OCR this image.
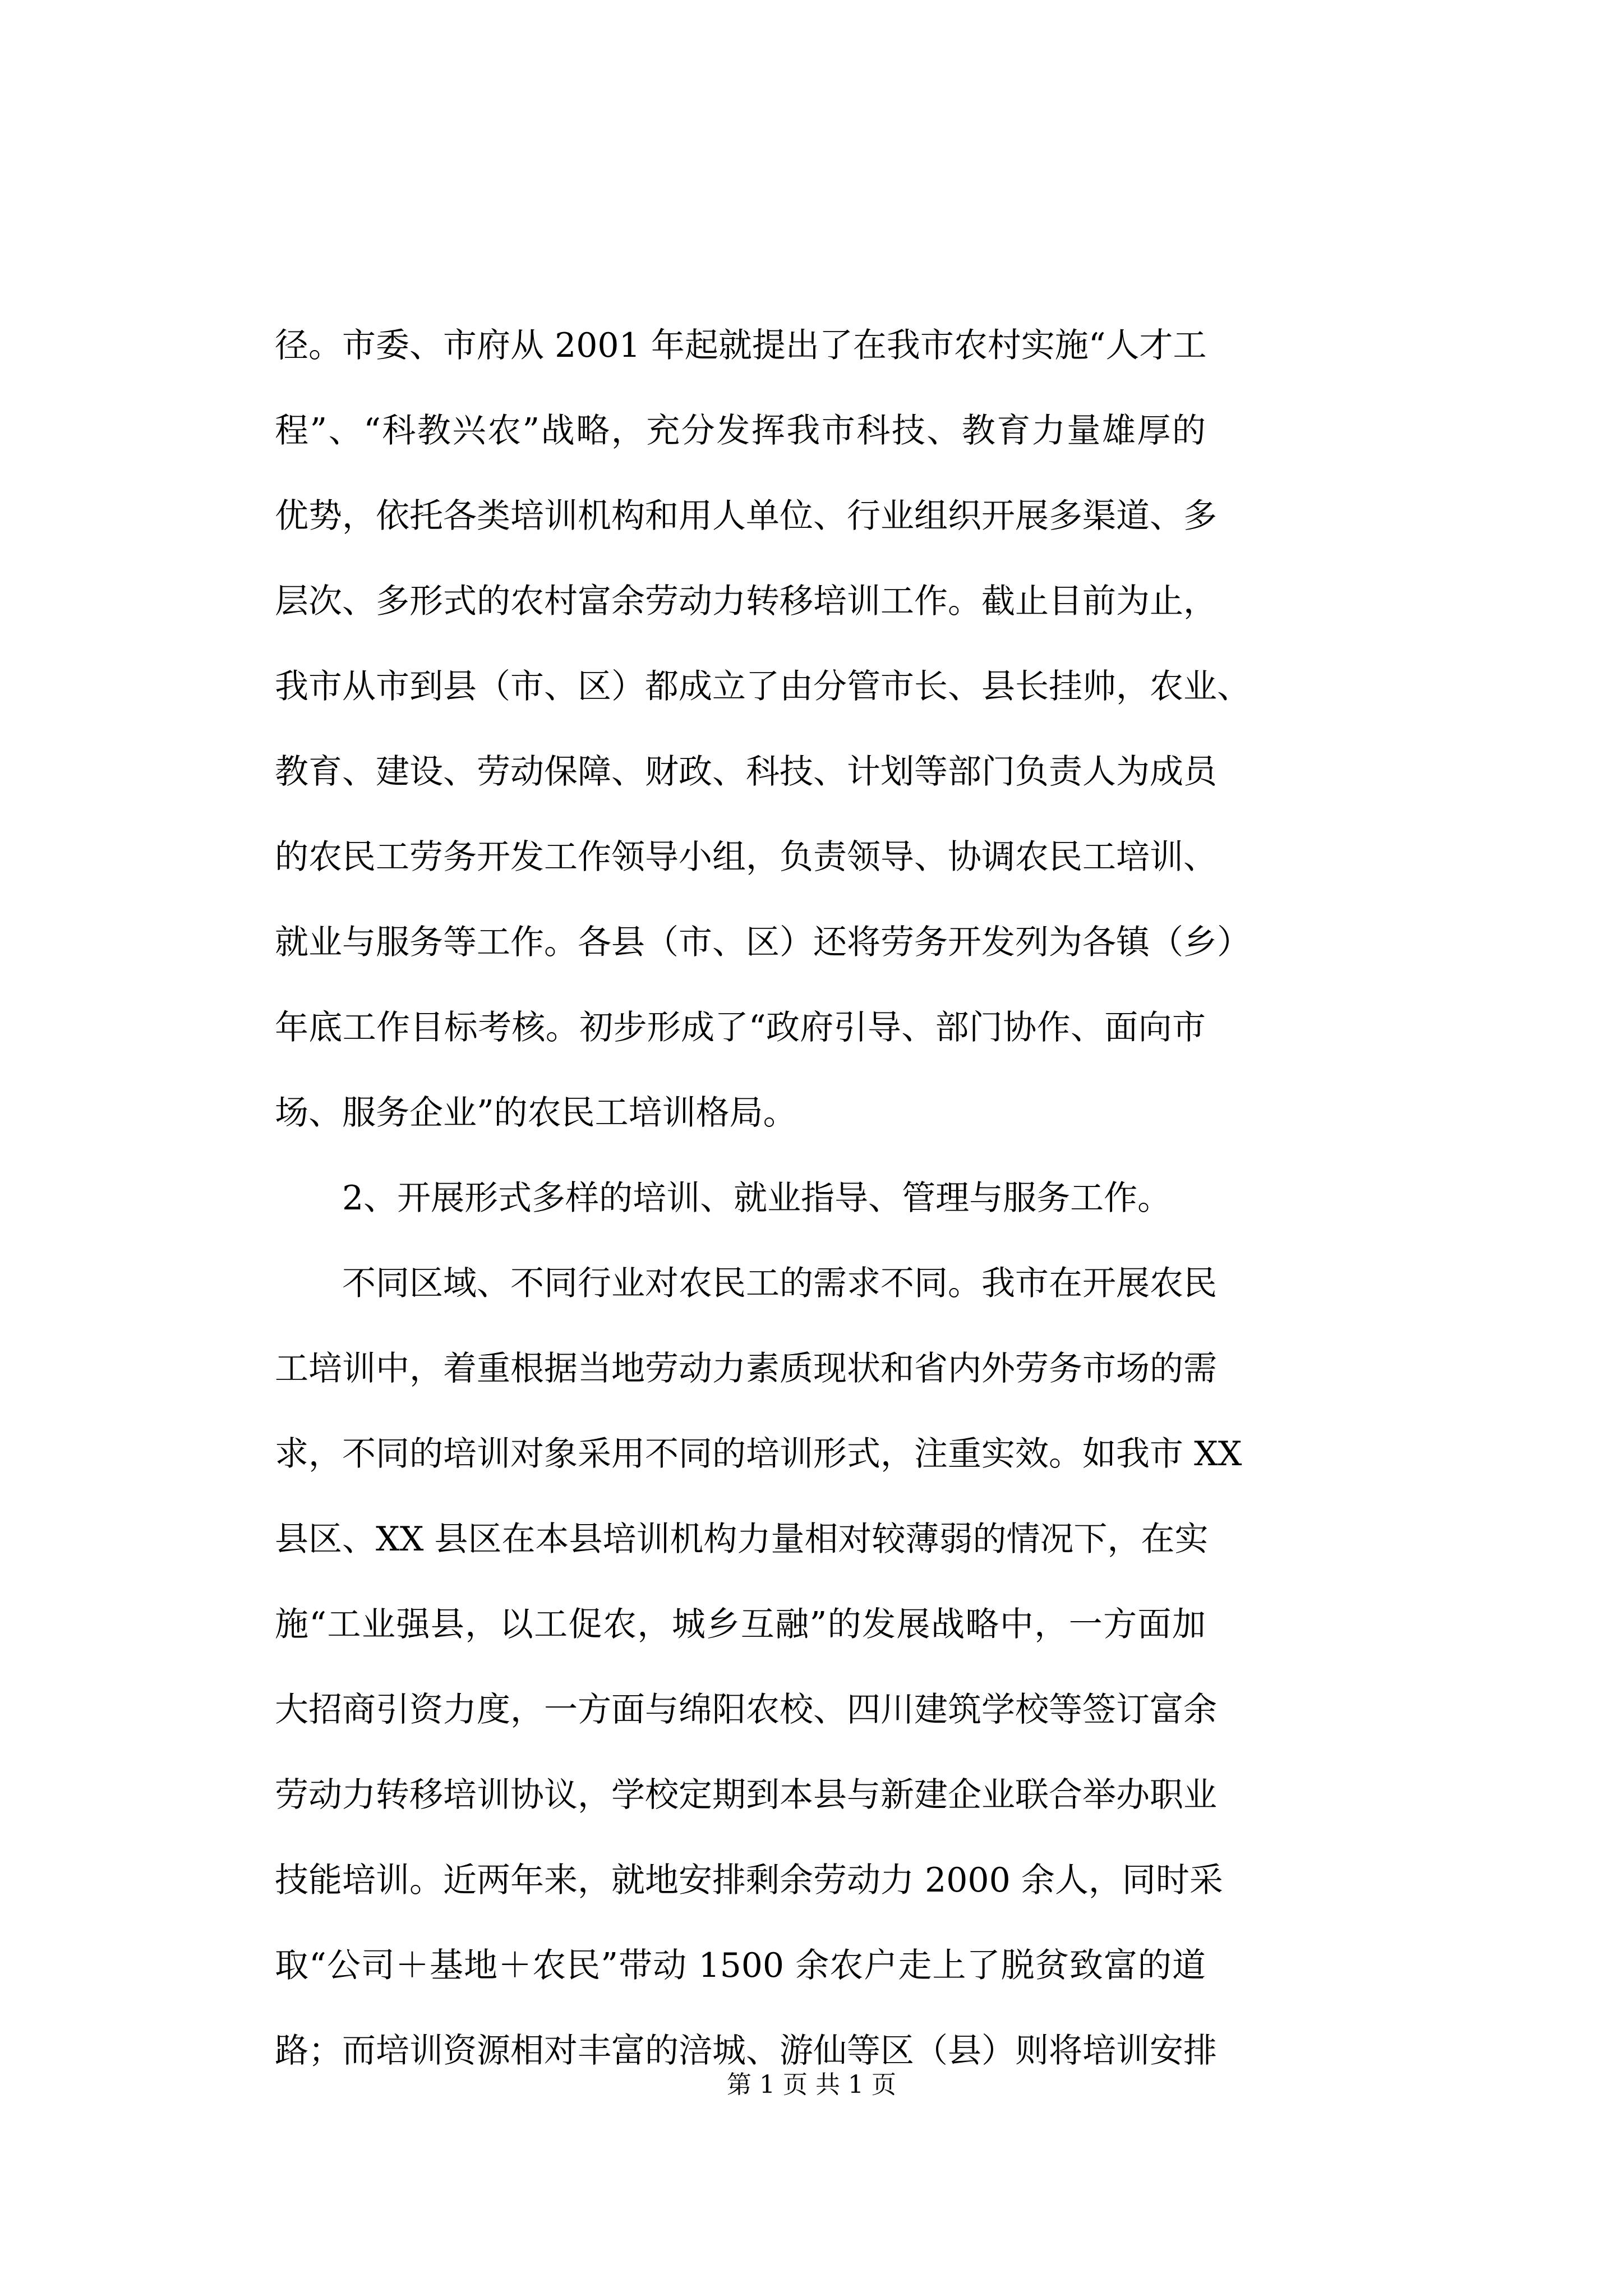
径。市委、市府从 2001 年起就提出了在我市农村实施“人才工
程”、“科教兴农”战略，充分发挥我市科技、教育力量雄厚的
优势，依托各类培训机构和用人单位、行业组织开展多渠道、多
层次、多形式的农村富余劳动力转移培训工作。截止目前为止，
我市从市到县（市、区）都成立了由分管市长、县长挂帅，农业、
教育、建设、劳动保障、财政、科技、计划等部门负责人为成员
的农民工劳务开发工作领导小组，负责领导、协调农民工培训、
就业与服务等工作。各县（市、区）还将劳务开发列为各镇（乡）
年底工作目标考核。初步形成了“政府引导、部门协作、面向市
场、服务企业”的农民工培训格局。
　　2、开展形式多样的培训、就业指导、管理与服务工作。
　　不同区域、不同行业对农民工的需求不同。我市在开展农民
工培训中，着重根据当地劳动力素质现状和省内外劳务市场的需
求，不同的培训对象采用不同的培训形式，注重实效。如我市 XX
县区、XX 县区在本县培训机构力量相对较薄弱的情况下，在实
施“工业强县，以工促农，城乡互融”的发展战略中，一方面加
大招商引资力度，一方面与绵阳农校、四川建筑学校等签订富余
劳动力转移培训协议，学校定期到本县与新建企业联合举办职业
技能培训。近两年来，就地安排剩余劳动力 2000 余人，同时采
取“公司＋基地＋农民”带动 1500 余农户走上了脱贫致富的道
路；而培训资源相对丰富的涪城、游仙等区（县）则将培训安排
第 1 页 共 1 页
